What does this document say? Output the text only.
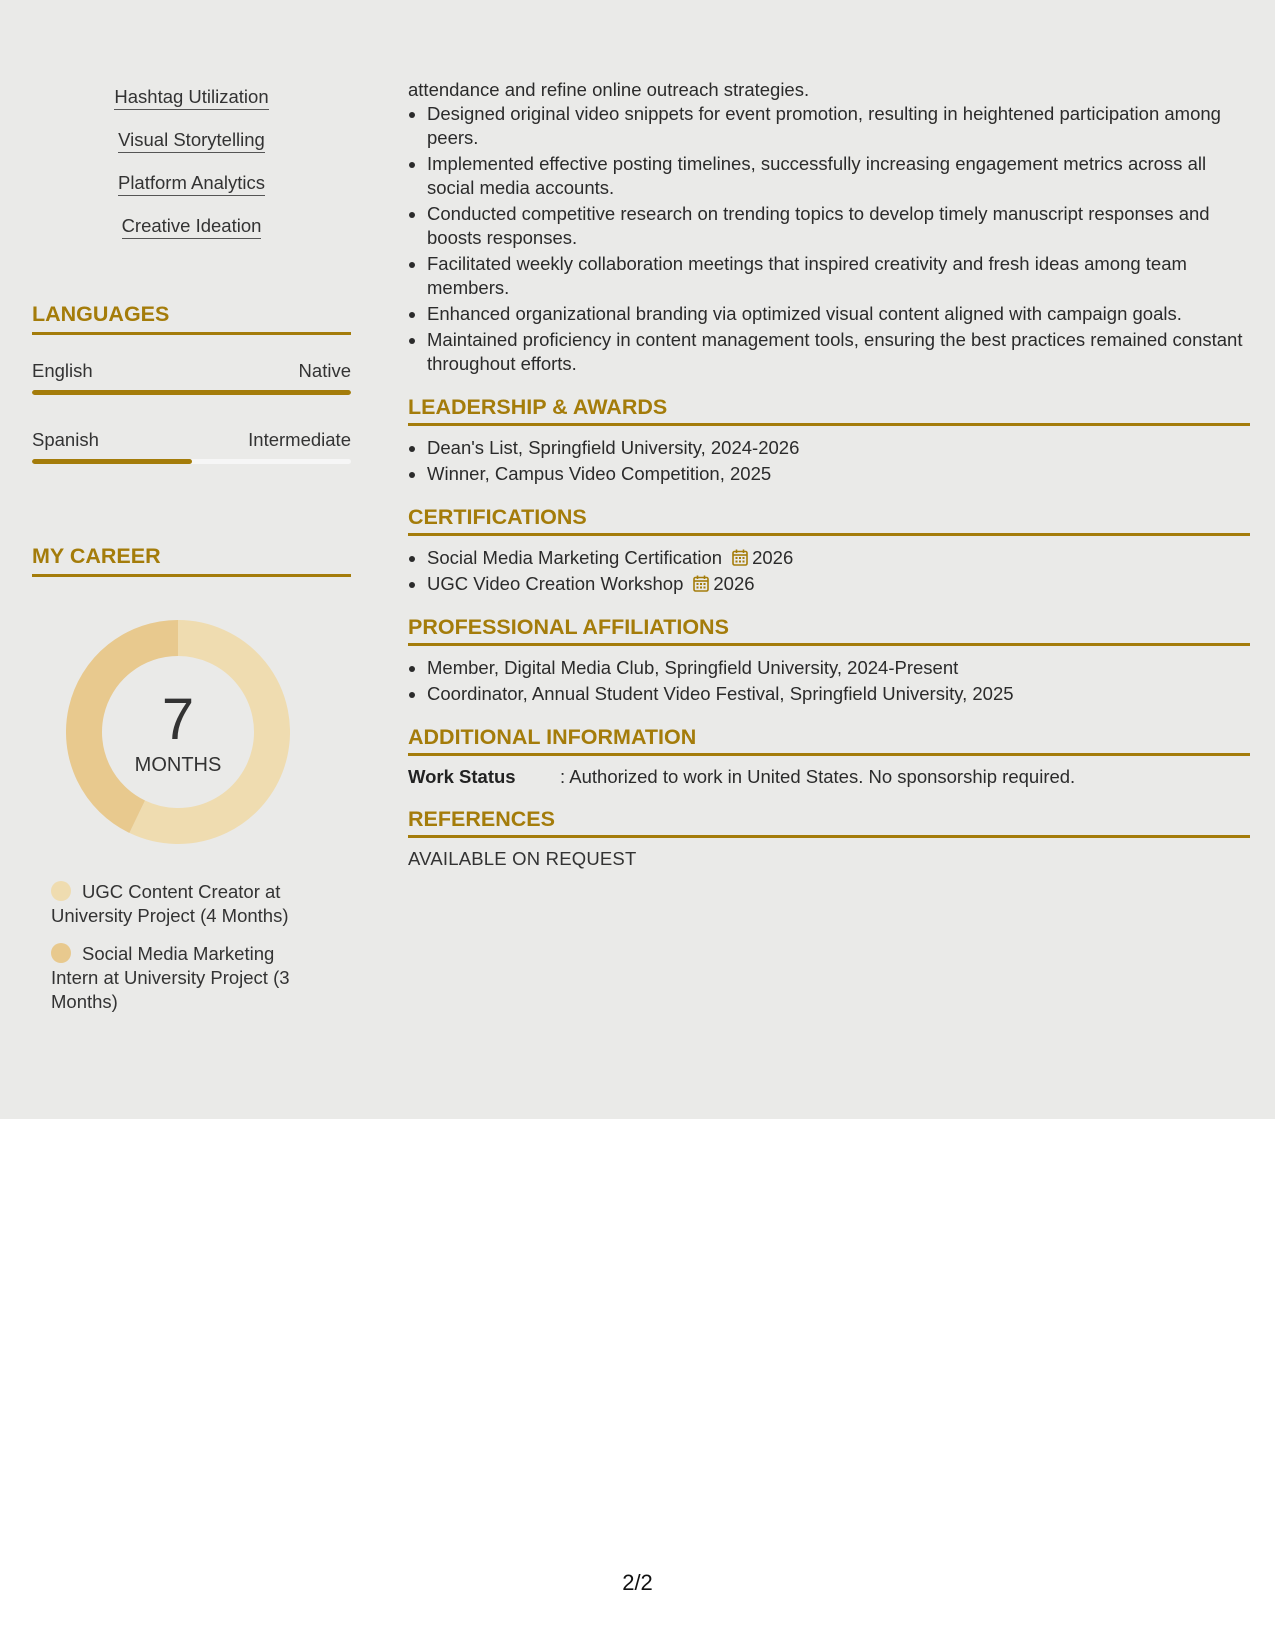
Hashtag Utilization
Visual Storytelling
Platform Analytics
Creative Ideation
LANGUAGES
English	Native
Spanish	Intermediate
MY CAREER
7
MONTHS
UGC Content Creator at University Project (4 Months)
Social Media Marketing Intern at University Project (3 Months)

attendance and refine online outreach strategies.

• Designed original video snippets for event promotion, resulting in heightened participation among peers.
• Implemented effective posting timelines, successfully increasing engagement metrics across all social media accounts.
• Conducted competitive research on trending topics to develop timely manuscript responses and boosts responses.
• Facilitated weekly collaboration meetings that inspired creativity and fresh ideas among team members.
• Enhanced organizational branding via optimized visual content aligned with campaign goals.
• Maintained proficiency in content management tools, ensuring the best practices remained constant throughout efforts.
LEADERSHIP & AWARDS
• Dean's List, Springfield University, 2024-2026
• Winner, Campus Video Competition, 2025
CERTIFICATIONS
• Social Media Marketing Certification 2026
• UGC Video Creation Workshop 2026
PROFESSIONAL AFFILIATIONS
• Member, Digital Media Club, Springfield University, 2024-Present
• Coordinator, Annual Student Video Festival, Springfield University, 2025
ADDITIONAL INFORMATION
Work Status : Authorized to work in United States. No sponsorship required.
REFERENCES
AVAILABLE ON REQUEST
2/2
